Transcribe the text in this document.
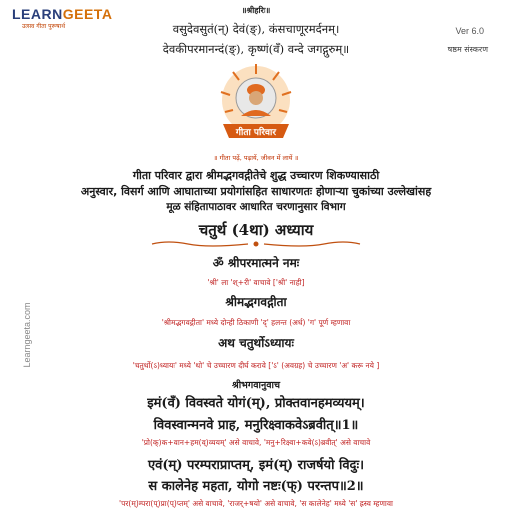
LEARNGEETA
उत्सव गीता पुरूषार्थ
॥श्रीहरिः॥
Ver 6.0
षष्ठम संस्करण
वसुदेवसुतं(न्) देवं(ङ्), कंसचाणूरमर्दनम्।
देवकीपरमानन्दं(ङ्), कृष्णं(वँ) वन्दे जगद्गुरुम्॥
गीता परिवार
॥ गीता पढ़ें, पढ़ायें, जीवन में लायें ॥
गीता परिवार द्वारा श्रीमद्भगवद्गीतेचे शुद्ध उच्चारण शिकण्यासाठी
अनुस्वार, विसर्ग आणि आघाताच्या प्रयोगांसहित साधारणतः होणाऱ्या चुकांच्या उल्लेखांसह
मूळ संहितापाठावर आधारित चरणानुसार विभाग
चतुर्थ (4था) अध्याय
ॐ श्रीपरमात्मने नमः
'श्री' ला 'श्+री' वाचावे ['श्री' नाही]
श्रीमद्भगवद्गीता
'श्रीमद्भगवद्गीता' मध्ये दोन्ही ठिकाणी 'द्' हलन्त (अर्ध) 'ग' पूर्ण म्हणावा
अथ चतुर्थोऽध्यायः
'चतुर्थो(ऽ)ध्यायः' मध्ये 'थो' चे उच्चारण दीर्घ करावे ['ऽ' (अवग्रह) चे उच्चारण 'अ' करू नये ]
श्रीभगवानुवाच
इमं(वँ) विवस्वते योगं(म्), प्रोक्तवानहमव्ययम्।
विवस्वान्मनवे प्राह, मनुरिक्ष्वाकवेऽब्रवीत्॥1॥
'प्रो(क्)क+वान+हम(व्)व्ययम्' असे वाचावे, 'मनु+रिक्ष्वा+कवे(ऽ)ब्रवीत्' असे वाचावे
एवं(म्) परम्पराप्राप्तम्, इमं(म्) राजर्षयो विदुः।
स कालेनेह महता, योगो नष्टः(फ्) परन्तप॥2॥
'पर(म्)म्परा(प्)प्रा(प्)प्तम्' असे वाचावे, 'राजर्+षयो' असे वाचावे, 'स कालेनेह' मध्ये 'स' ह्रस्व म्हणावा
Learngeeta.com
